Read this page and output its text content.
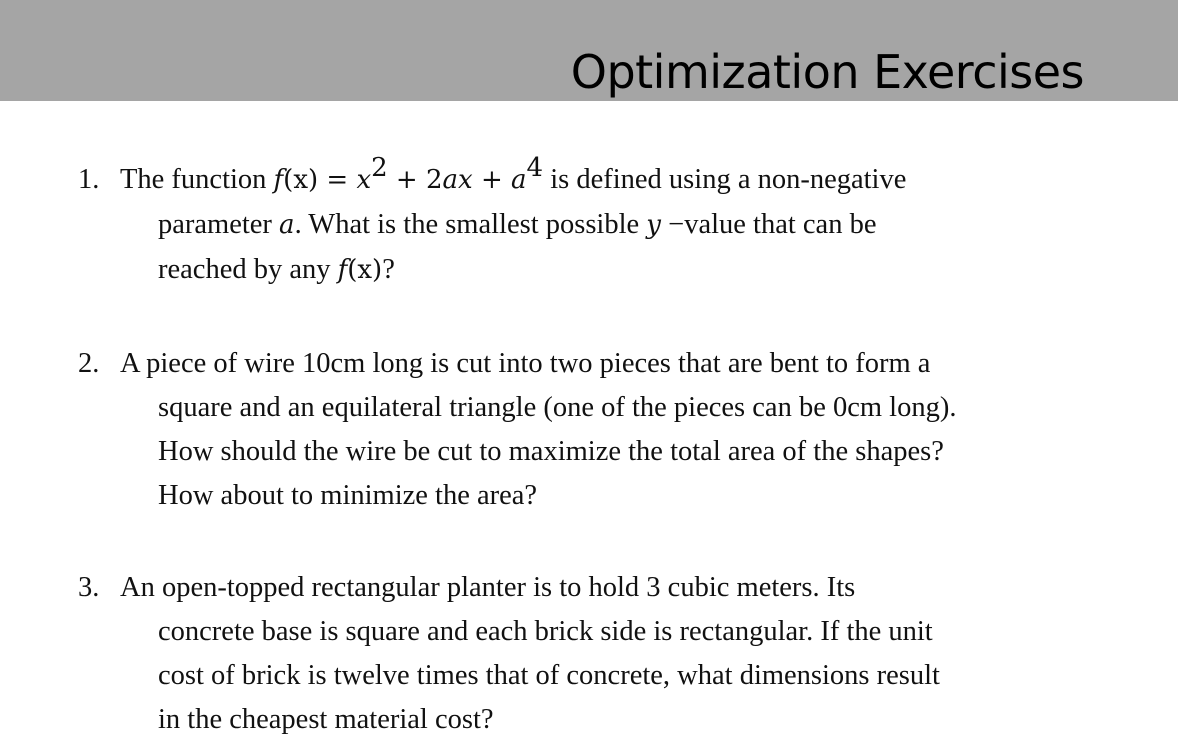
Optimization Exercises
1. The function $f(x) = x^2 + 2ax + a^4$ is defined using a non-negative
parameter a. What is the smallest possible y −value that can be
reached by any f(x)?
2. A piece of wire 10cm long is cut into two pieces that are bent to form a
square and an equilateral triangle (one of the pieces can be 0cm long).
How should the wire be cut to maximize the total area of the shapes?
How about to minimize the area?
3. An open-topped rectangular planter is to hold 3 cubic meters. Its
concrete base is square and each brick side is rectangular. If the unit
cost of brick is twelve times that of concrete, what dimensions result
in the cheapest material cost?
